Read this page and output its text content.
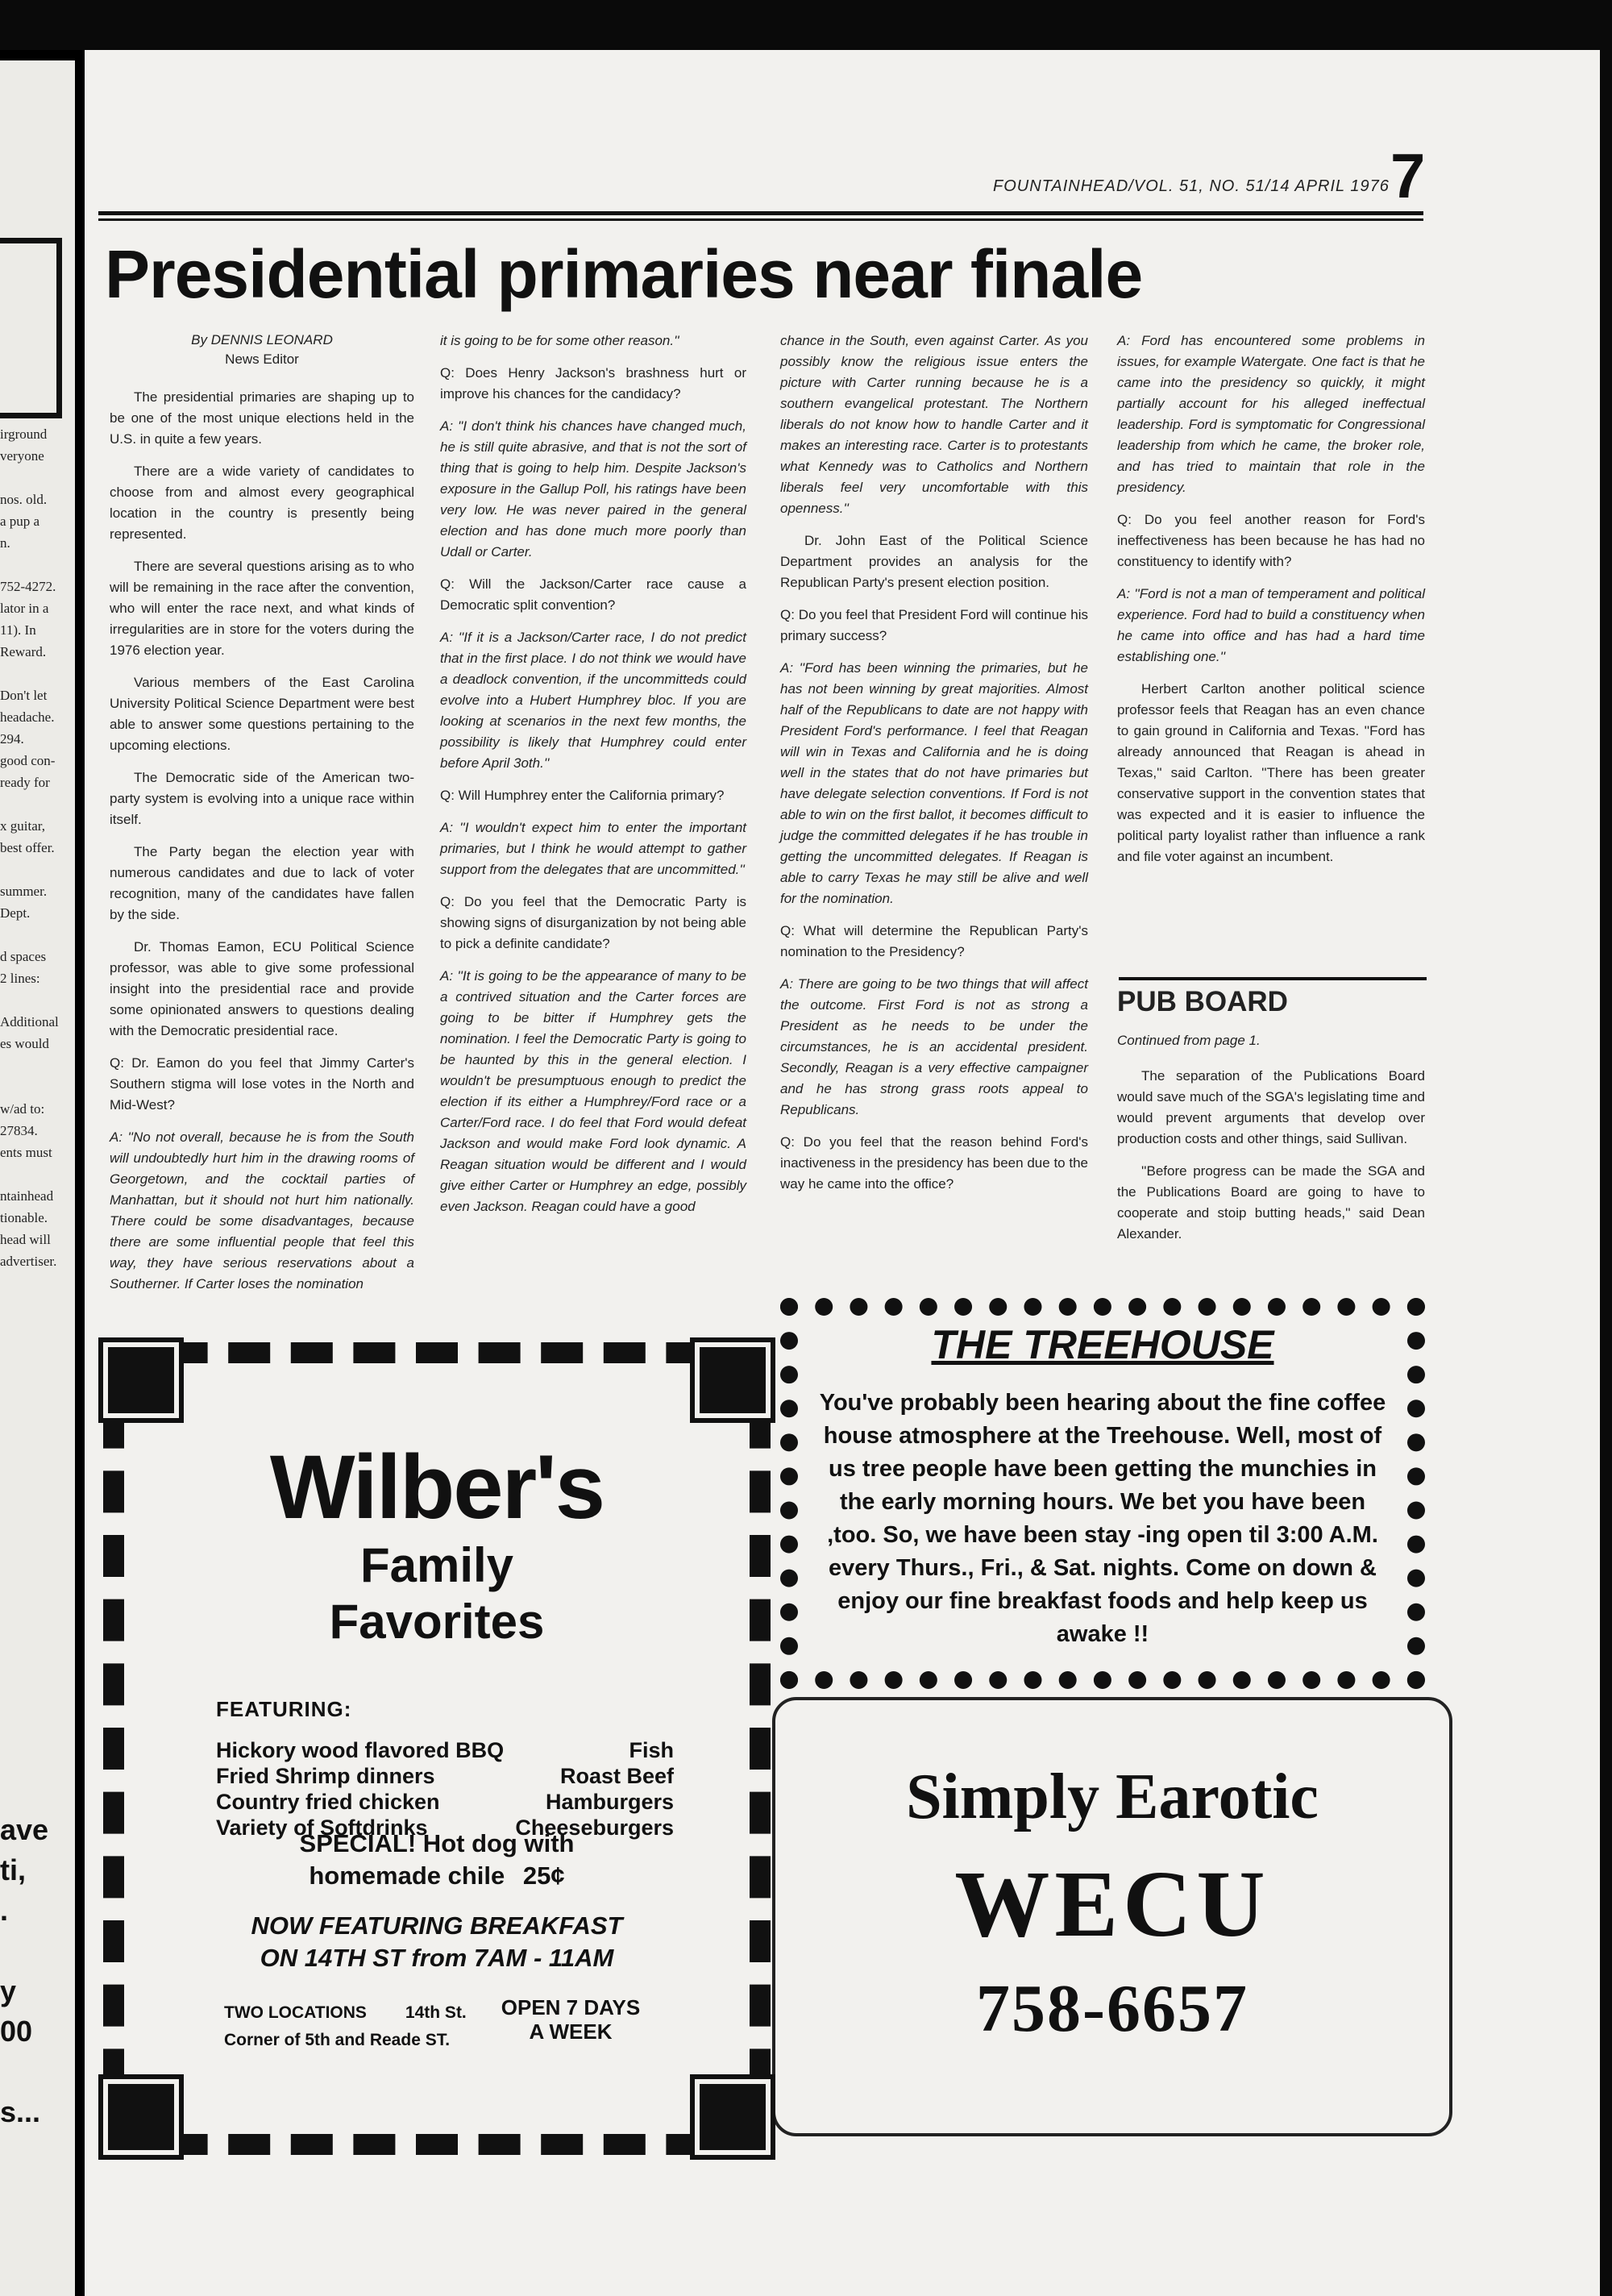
irground

veryone

nos. old.

a pup a

n.

752-4272.

lator in a

11). In

Reward.

Don't let

headache.

294.

good con-

ready for

x guitar,

best offer.

summer.

Dept.

d spaces

2 lines:

Additional

es would

w/ad to:

27834.

ents must

ntainhead

tionable.

head will

advertiser.

ave

ti,

.

y

00

s...

FOUNTAINHEAD/VOL. 51, NO. 51/14 APRIL 1976 7
Presidential primaries near finale
By DENNIS LEONARD
News Editor

The presidential primaries are shaping up to be one of the most unique elections held in the U.S. in quite a few years.

There are a wide variety of candidates to choose from and almost every geographical location in the country is presently being represented.

There are several questions arising as to who will be remaining in the race after the convention, who will enter the race next, and what kinds of irregularities are in store for the voters during the 1976 election year.

Various members of the East Carolina University Political Science Department were best able to answer some questions pertaining to the upcoming elections.

The Democratic side of the American two-party system is evolving into a unique race within itself.

The Party began the election year with numerous candidates and due to lack of voter recognition, many of the candidates have fallen by the side.

Dr. Thomas Eamon, ECU Political Science professor, was able to give some professional insight into the presidential race and provide some opinionated answers to questions dealing with the Democratic presidential race.

Q: Dr. Eamon do you feel that Jimmy Carter's Southern stigma will lose votes in the North and Mid-West?

A: ''No not overall, because he is from the South will undoubtedly hurt him in the drawing rooms of Georgetown, and the cocktail parties of Manhattan, but it should not hurt him nationally. There could be some disadvantages, because there are some influential people that feel this way, they have serious reservations about a Southerner. If Carter loses the nomination

it is going to be for some other reason.''

Q: Does Henry Jackson's brashness hurt or improve his chances for the candidacy?

A: ''I don't think his chances have changed much, he is still quite abrasive, and that is not the sort of thing that is going to help him. Despite Jackson's exposure in the Gallup Poll, his ratings have been very low. He was never paired in the general election and has done much more poorly than Udall or Carter.

Q: Will the Jackson/Carter race cause a Democratic split convention?

A: ''If it is a Jackson/Carter race, I do not predict that in the first place. I do not think we would have a deadlock convention, if the uncommitteds could evolve into a Hubert Humphrey bloc. If you are looking at scenarios in the next few months, the possibility is likely that Humphrey could enter before April 3oth.''

Q: Will Humphrey enter the California primary?

A: ''I wouldn't expect him to enter the important primaries, but I think he would attempt to gather support from the delegates that are uncommitted.''

Q: Do you feel that the Democratic Party is showing signs of disurganization by not being able to pick a definite candidate?

A: ''It is going to be the appearance of many to be a contrived situation and the Carter forces are going to be bitter if Humphrey gets the nomination. I feel the Democratic Party is going to be haunted by this in the general election. I wouldn't be presumptuous enough to predict the election if its either a Humphrey/Ford race or a Carter/Ford race. I do feel that Ford would defeat Jackson and would make Ford look dynamic. A Reagan situation would be different and I would give either Carter or Humphrey an edge, possibly even Jackson. Reagan could have a good

chance in the South, even against Carter. As you possibly know the religious issue enters the picture with Carter running because he is a southern evangelical protestant. The Northern liberals do not know how to handle Carter and it makes an interesting race. Carter is to protestants what Kennedy was to Catholics and Northern liberals feel very uncomfortable with this openness.''

Dr. John East of the Political Science Department provides an analysis for the Republican Party's present election position.

Q: Do you feel that President Ford will continue his primary success?

A: ''Ford has been winning the primaries, but he has not been winning by great majorities. Almost half of the Republicans to date are not happy with President Ford's performance. I feel that Reagan will win in Texas and California and he is doing well in the states that do not have primaries but have delegate selection conventions. If Ford is not able to win on the first ballot, it becomes difficult to judge the committed delegates if he has trouble in getting the uncommitted delegates. If Reagan is able to carry Texas he may still be alive and well for the nomination.

Q: What will determine the Republican Party's nomination to the Presidency?

A: There are going to be two things that will affect the outcome. First Ford is not as strong a President as he needs to be under the circumstances, he is an accidental president. Secondly, Reagan is a very effective campaigner and he has strong grass roots appeal to Republicans.

Q: Do you feel that the reason behind Ford's inactiveness in the presidency has been due to the way he came into the office?

A: Ford has encountered some problems in issues, for example Watergate. One fact is that he came into the presidency so quickly, it might partially account for his alleged ineffectual leadership. Ford is symptomatic for Congressional leadership from which he came, the broker role, and has tried to maintain that role in the presidency.

Q: Do you feel another reason for Ford's ineffectiveness has been because he has had no constituency to identify with?

A: ''Ford is not a man of temperament and political experience. Ford had to build a constituency when he came into office and has had a hard time establishing one.''

Herbert Carlton another political science professor feels that Reagan has an even chance to gain ground in California and Texas. ''Ford has already announced that Reagan is ahead in Texas,'' said Carlton. ''There has been greater conservative support in the convention states that was expected and it is easier to influence the political party loyalist rather than influence a rank and file voter against an incumbent.

PUB BOARD

Continued from page 1.

The separation of the Publications Board would save much of the SGA's legislating time and would prevent arguments that develop over production costs and other things, said Sullivan.

''Before progress can be made the SGA and the Publications Board are going to have to cooperate and stoip butting heads,'' said Dean Alexander.

THE TREEHOUSE
You've probably been hearing about the fine coffee house atmosphere at the Treehouse. Well, most of us tree people have been getting the munchies in the early morning hours. We bet you have been ,too. So, we have been stay -ing open til 3:00 A.M. every Thurs., Fri., & Sat. nights. Come on down & enjoy our fine breakfast foods and help keep us awake !!
Simply Earotic
WECU
758-6657
Wilber's
Family
Favorites
FEATURING:
Hickory wood flavored BBQ
Fried Shrimp dinners
Country fried chicken
Variety of Softdrinks
Fish
Roast Beef
Hamburgers
Cheeseburgers
SPECIAL! Hot dog with
homemade chile 25¢
NOW FEATURING BREAKFAST
ON 14TH ST from 7AM - 11AM
TWO LOCATIONS 14th St.
Corner of 5th and Reade ST.
OPEN 7 DAYS
A WEEK
